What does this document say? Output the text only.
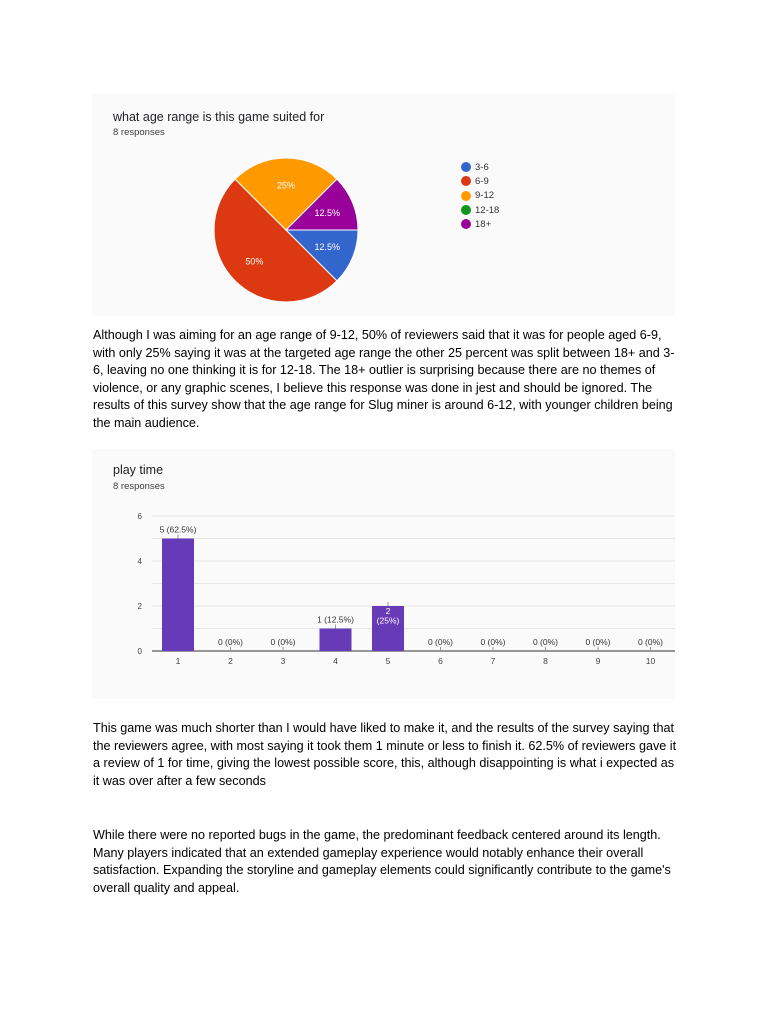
what age range is this game suited for
8 responses
12.5%
50%
25%
12.5%
3-6
6-9
9-12
12-18
18+

Although I was aiming for an age range of 9-12, 50% of reviewers said that it was for people aged 6-9, with only 25% saying it was at the targeted age range the other 25 percent was split between 18+ and 3-6, leaving no one thinking it is for 12-18. The 18+ outlier is surprising because there are no themes of violence, or any graphic scenes, I believe this response was done in jest and should be ignored. The results of this survey show that the age range for Slug miner is around 6-12, with younger children being the main audience.

play time
8 responses
0
2
4
6
5 (62.5%)
1
0 (0%)
2
0 (0%)
3
1 (12.5%)
4
2 (25%)
5
0 (0%)
6
0 (0%)
7
0 (0%)
8
0 (0%)
9
0 (0%)
10

This game was much shorter than I would have liked to make it, and the results of the survey saying that the reviewers agree, with most saying it took them 1 minute or less to finish it. 62.5% of reviewers gave it a review of 1 for time, giving the lowest possible score, this, although disappointing is what i expected as it was over after a few seconds

While there were no reported bugs in the game, the predominant feedback centered around its length. Many players indicated that an extended gameplay experience would notably enhance their overall satisfaction. Expanding the storyline and gameplay elements could significantly contribute to the game's overall quality and appeal.
